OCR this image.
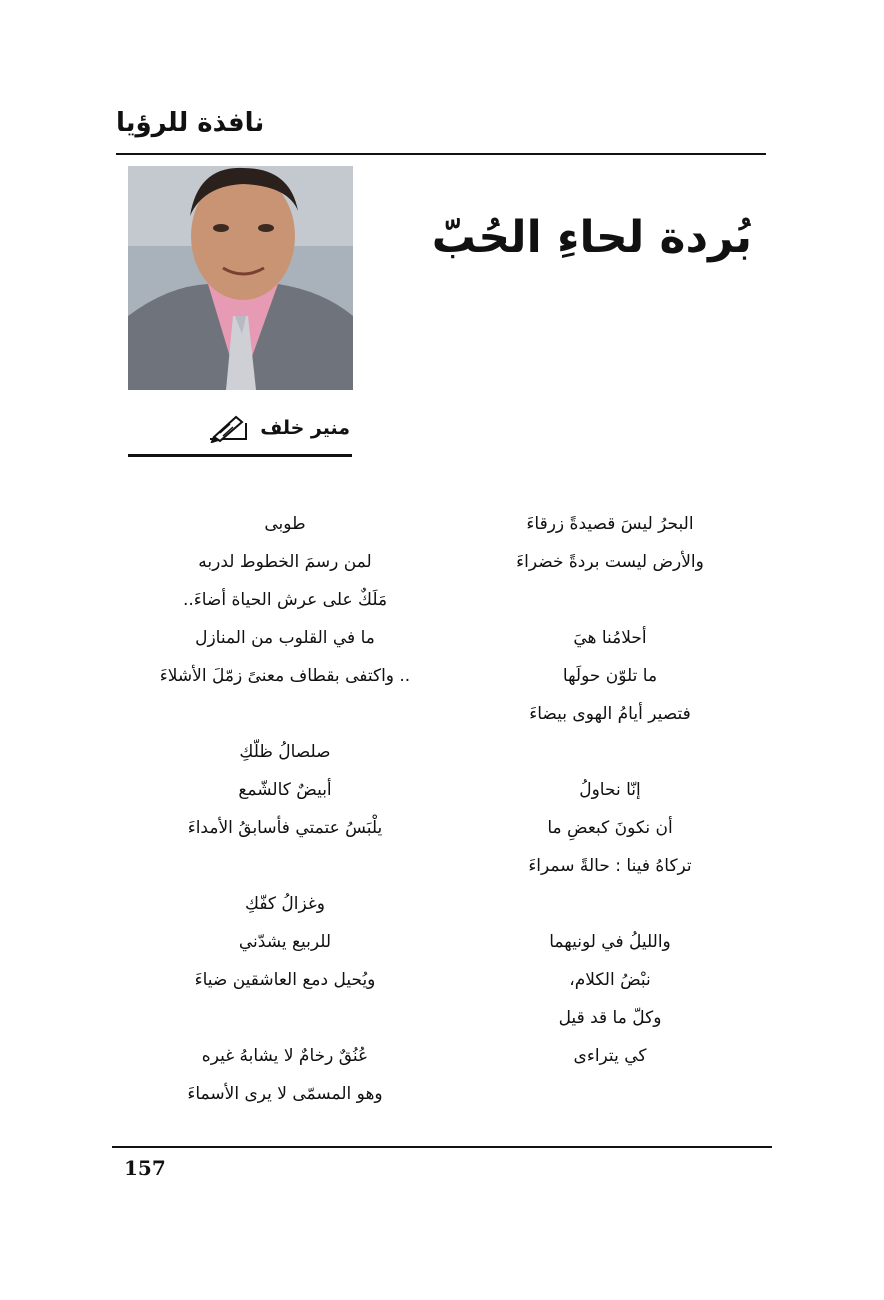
نافذة للرؤيا
منير خلف
بُردة لحاءِ الحُبّ
البحرُ ليسَ قصيدةً زرقاءَ
والأرض ليست بردةً خضراءَ
أحلامُنا هيَ
ما تلوّن حولَها
فتصير أيامُ الهوى بيضاءَ
إنّا نحاولُ
أن نكونَ كبعضِ ما
تركاهُ فينا : حالةً سمراءَ
والليلُ في لونيهما
نبْضُ الكلام،
وكلّ ما قد قيل
كي يتراءى
طوبى
لمن رسمَ الخطوط لدربه
مَلَكٌ على عرش الحياة أضاءَ..
ما في القلوب من المنازل
.. واكتفى بقطاف معنىً زمّلَ الأشلاءَ
صلصالُ ظلّكِ
أبيضٌ كالشّمع
يلْبَسُ عتمتي فأسابقُ الأمداءَ
وغزالُ كفّكِ
للربيع يشدّني
ويُحيل دمع العاشقين ضياءَ
عُنُقٌ رخامٌ لا يشابهُ غيره
وهو المسمّى لا يرى الأسماءَ
157
